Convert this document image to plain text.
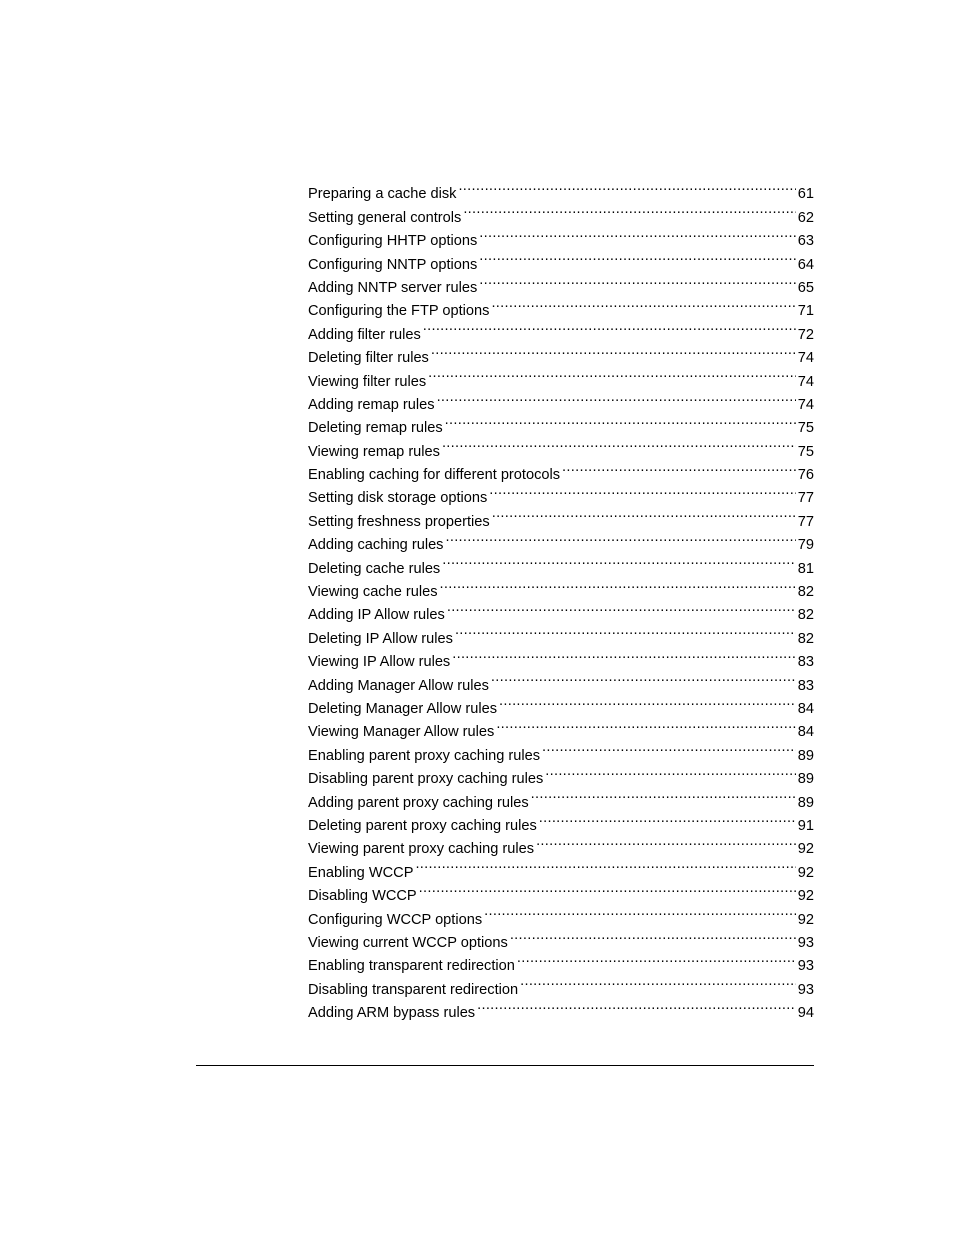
Preparing a cache disk .....	61
Setting general controls .....	62
Configuring HHTP options .....	63
Configuring NNTP options .....	64
Adding NNTP server rules .....	65
Configuring the FTP options .....	71
Adding filter rules .....	72
Deleting filter rules .....	74
Viewing filter rules .....	74
Adding remap rules .....	74
Deleting remap rules .....	75
Viewing remap rules .....	75
Enabling caching for different protocols .....	76
Setting disk storage options .....	77
Setting freshness properties .....	77
Adding caching rules .....	79
Deleting cache rules .....	81
Viewing cache rules .....	82
Adding IP Allow rules .....	82
Deleting IP Allow rules .....	82
Viewing IP Allow rules .....	83
Adding Manager Allow rules .....	83
Deleting Manager Allow rules .....	84
Viewing Manager Allow rules .....	84
Enabling parent proxy caching rules .....	89
Disabling parent proxy caching rules .....	89
Adding parent proxy caching rules .....	89
Deleting parent proxy caching rules .....	91
Viewing parent proxy caching rules .....	92
Enabling WCCP .....	92
Disabling WCCP .....	92
Configuring WCCP options .....	92
Viewing current WCCP options .....	93
Enabling transparent redirection .....	93
Disabling transparent redirection .....	93
Adding ARM bypass rules .....	94
